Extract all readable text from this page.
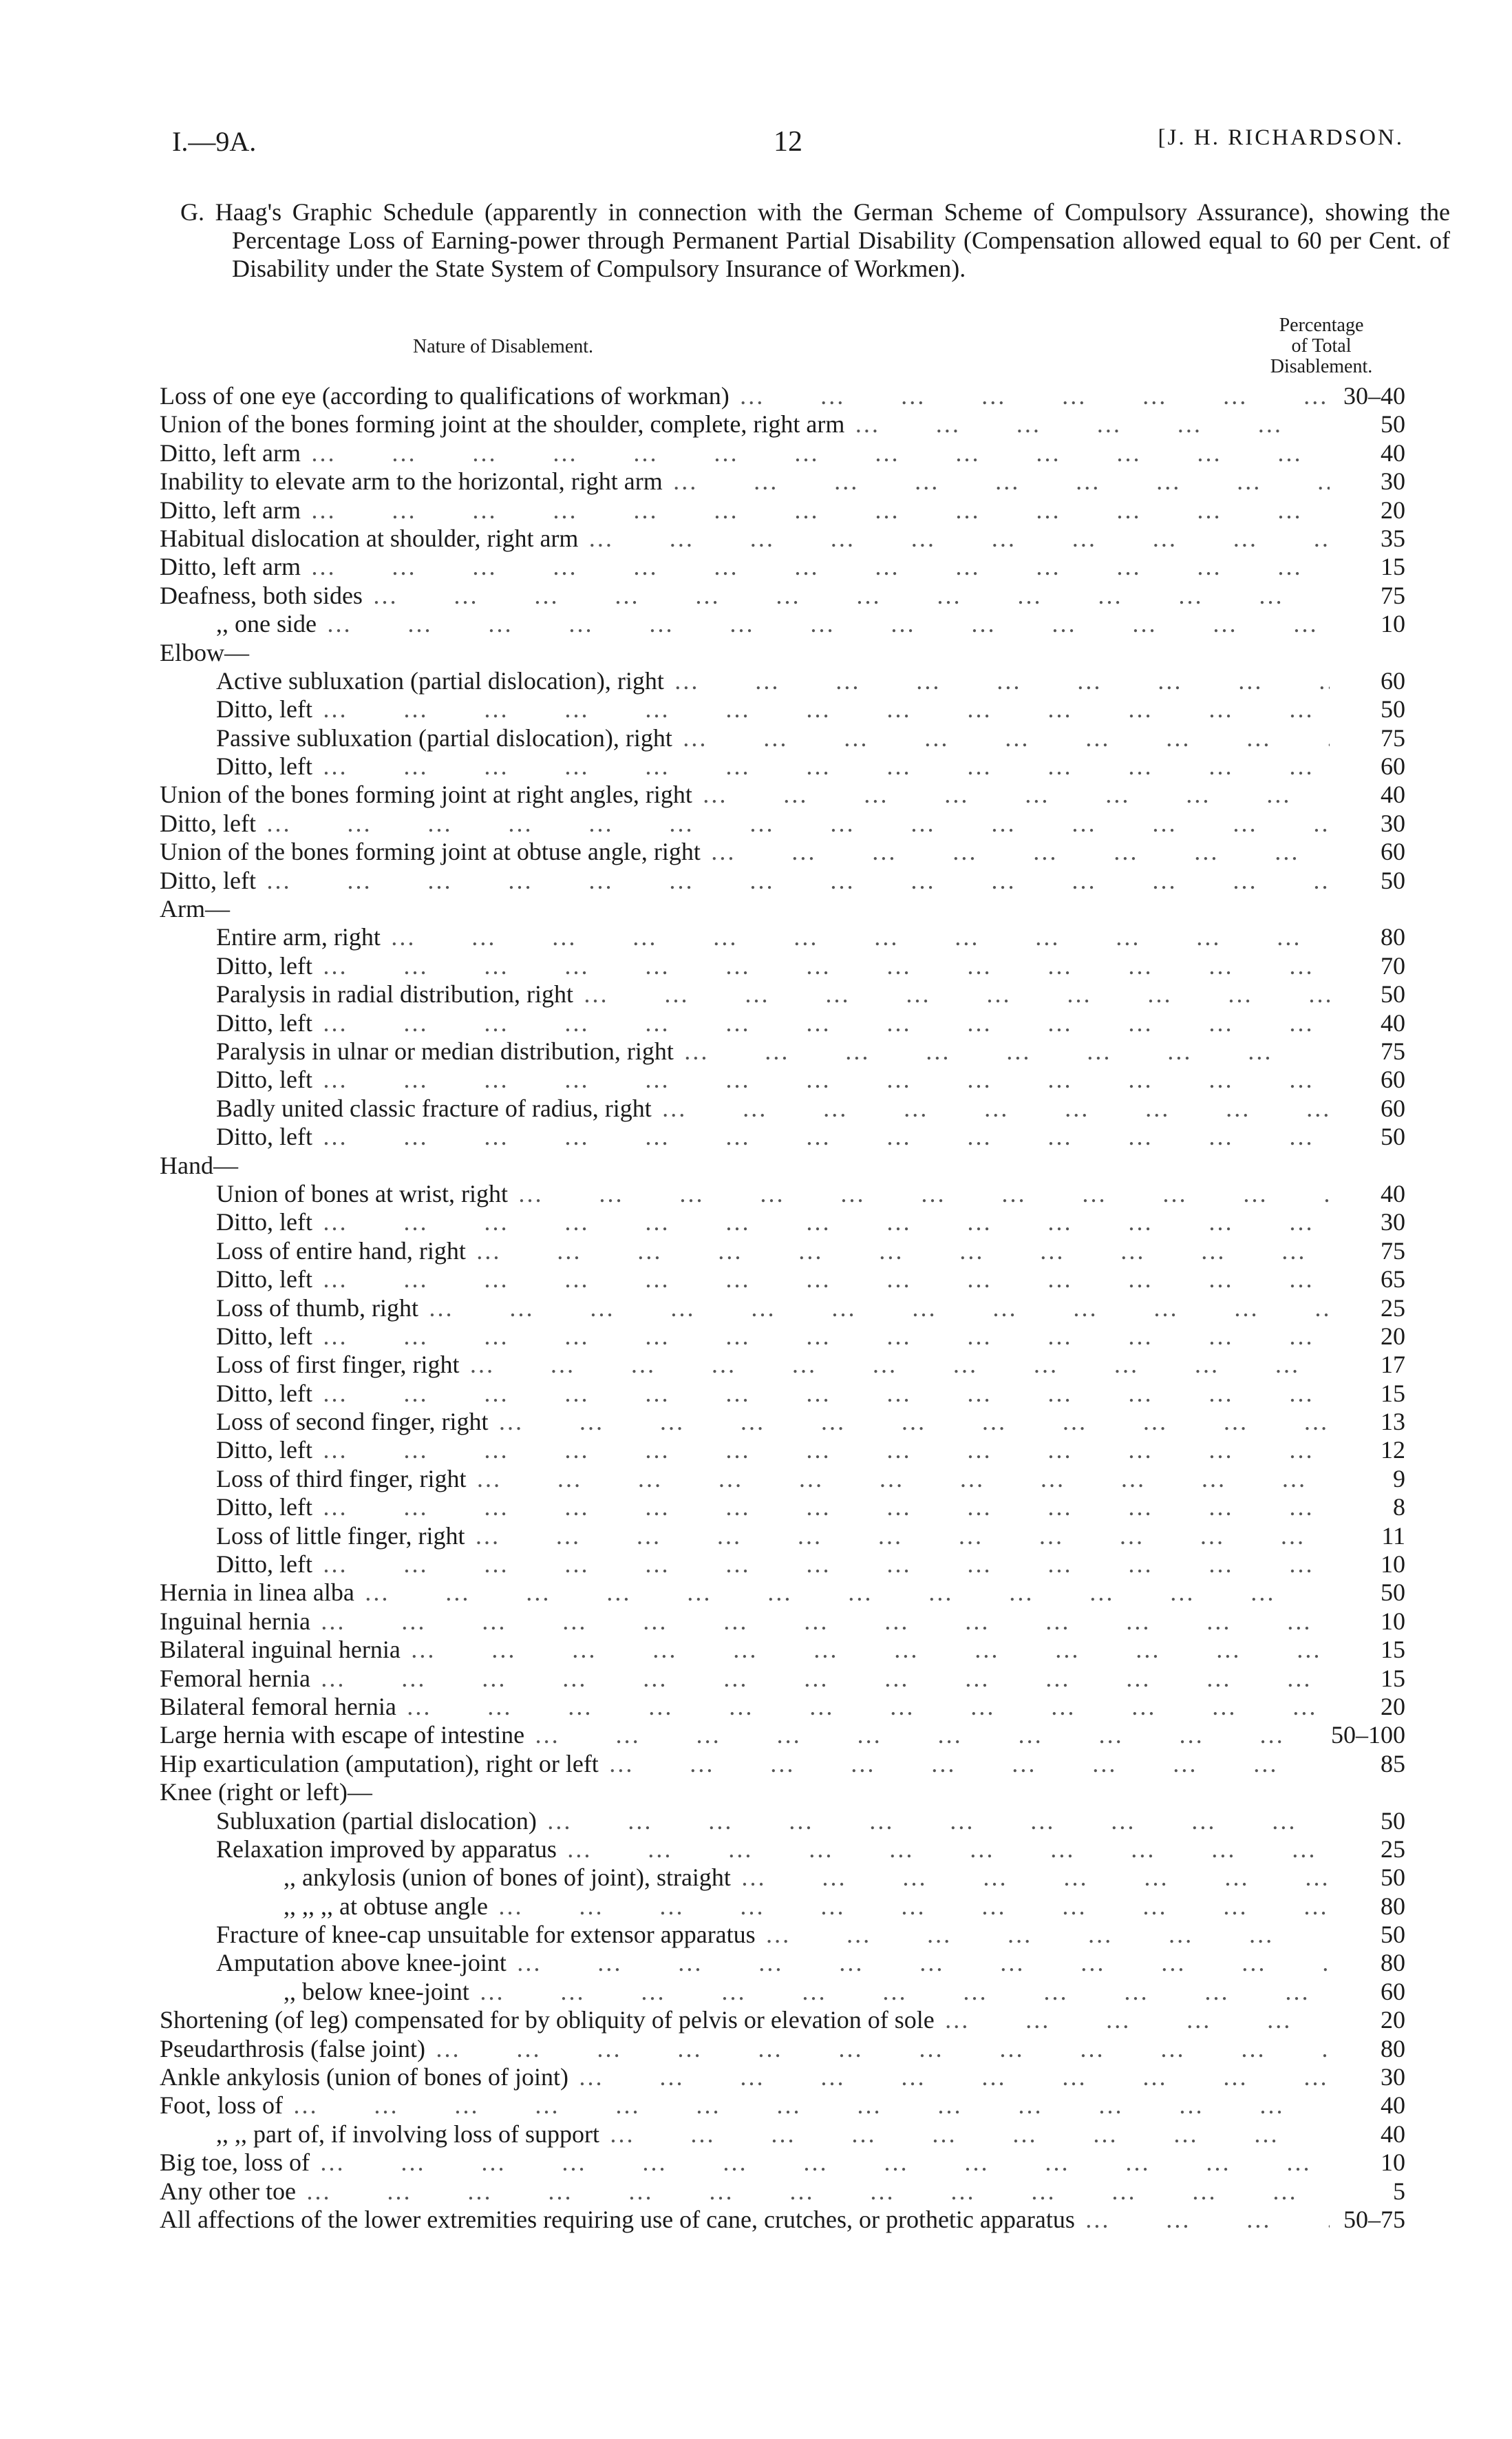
I.—9A.	12	[J. H. RICHARDSON.
G. Haag's Graphic Schedule (apparently in connection with the German Scheme of Compulsory Assurance), showing the Percentage Loss of Earning-power through Permanent Partial Disability (Compensation allowed equal to 60 per Cent. of Disability under the State System of Compulsory Insurance of Workmen).
Nature of Disablement.
Percentage
of Total
Disablement.
Loss of one eye (according to qualifications of workman) … … … … … … … … … … … … … … … … … … … … … … … … … … … … … … … … … … … … … … …	30–40
Union of the bones forming joint at the shoulder, complete, right arm … … … … … … … … … … … … … … … … … … … … … … … … … … … … … … … … … … … … … … …	50
Ditto, left arm … … … … … … … … … … … … … … … … … … … … … … … … … … … … … … … … … … … … … … …	40
Inability to elevate arm to the horizontal, right arm … … … … … … … … … … … … … … … … … … … … … … … … … … … … … … … … … … … … … … …	30
Ditto, left arm … … … … … … … … … … … … … … … … … … … … … … … … … … … … … … … … … … … … … … …	20
Habitual dislocation at shoulder, right arm … … … … … … … … … … … … … … … … … … … … … … … … … … … … … … … … … … … … … … …	35
Ditto, left arm … … … … … … … … … … … … … … … … … … … … … … … … … … … … … … … … … … … … … … …	15
Deafness, both sides … … … … … … … … … … … … … … … … … … … … … … … … … … … … … … … … … … … … … … …	75
,, one side … … … … … … … … … … … … … … … … … … … … … … … … … … … … … … … … … … … … … … …	10
Elbow—
Active subluxation (partial dislocation), right … … … … … … … … … … … … … … … … … … … … … … … … … … … … … … … … … … … … … … …	60
Ditto, left … … … … … … … … … … … … … … … … … … … … … … … … … … … … … … … … … … … … … … …	50
Passive subluxation (partial dislocation), right … … … … … … … … … … … … … … … … … … … … … … … … … … … … … … … … … … … … … … …	75
Ditto, left … … … … … … … … … … … … … … … … … … … … … … … … … … … … … … … … … … … … … … …	60
Union of the bones forming joint at right angles, right … … … … … … … … … … … … … … … … … … … … … … … … … … … … … … … … … … … … … … …	40
Ditto, left … … … … … … … … … … … … … … … … … … … … … … … … … … … … … … … … … … … … … … …	30
Union of the bones forming joint at obtuse angle, right … … … … … … … … … … … … … … … … … … … … … … … … … … … … … … … … … … … … … … …	60
Ditto, left … … … … … … … … … … … … … … … … … … … … … … … … … … … … … … … … … … … … … … …	50
Arm—
Entire arm, right … … … … … … … … … … … … … … … … … … … … … … … … … … … … … … … … … … … … … … …	80
Ditto, left … … … … … … … … … … … … … … … … … … … … … … … … … … … … … … … … … … … … … … …	70
Paralysis in radial distribution, right … … … … … … … … … … … … … … … … … … … … … … … … … … … … … … … … … … … … … … …	50
Ditto, left … … … … … … … … … … … … … … … … … … … … … … … … … … … … … … … … … … … … … … …	40
Paralysis in ulnar or median distribution, right … … … … … … … … … … … … … … … … … … … … … … … … … … … … … … … … … … … … … … …	75
Ditto, left … … … … … … … … … … … … … … … … … … … … … … … … … … … … … … … … … … … … … … …	60
Badly united classic fracture of radius, right … … … … … … … … … … … … … … … … … … … … … … … … … … … … … … … … … … … … … … …	60
Ditto, left … … … … … … … … … … … … … … … … … … … … … … … … … … … … … … … … … … … … … … …	50
Hand—
Union of bones at wrist, right … … … … … … … … … … … … … … … … … … … … … … … … … … … … … … … … … … … … … … …	40
Ditto, left … … … … … … … … … … … … … … … … … … … … … … … … … … … … … … … … … … … … … … …	30
Loss of entire hand, right … … … … … … … … … … … … … … … … … … … … … … … … … … … … … … … … … … … … … … …	75
Ditto, left … … … … … … … … … … … … … … … … … … … … … … … … … … … … … … … … … … … … … … …	65
Loss of thumb, right … … … … … … … … … … … … … … … … … … … … … … … … … … … … … … … … … … … … … … …	25
Ditto, left … … … … … … … … … … … … … … … … … … … … … … … … … … … … … … … … … … … … … … …	20
Loss of first finger, right … … … … … … … … … … … … … … … … … … … … … … … … … … … … … … … … … … … … … … …	17
Ditto, left … … … … … … … … … … … … … … … … … … … … … … … … … … … … … … … … … … … … … … …	15
Loss of second finger, right … … … … … … … … … … … … … … … … … … … … … … … … … … … … … … … … … … … … … … …	13
Ditto, left … … … … … … … … … … … … … … … … … … … … … … … … … … … … … … … … … … … … … … …	12
Loss of third finger, right … … … … … … … … … … … … … … … … … … … … … … … … … … … … … … … … … … … … … … …	9
Ditto, left … … … … … … … … … … … … … … … … … … … … … … … … … … … … … … … … … … … … … … …	8
Loss of little finger, right … … … … … … … … … … … … … … … … … … … … … … … … … … … … … … … … … … … … … … …	11
Ditto, left … … … … … … … … … … … … … … … … … … … … … … … … … … … … … … … … … … … … … … …	10
Hernia in linea alba … … … … … … … … … … … … … … … … … … … … … … … … … … … … … … … … … … … … … … …	50
Inguinal hernia … … … … … … … … … … … … … … … … … … … … … … … … … … … … … … … … … … … … … … …	10
Bilateral inguinal hernia … … … … … … … … … … … … … … … … … … … … … … … … … … … … … … … … … … … … … … …	15
Femoral hernia … … … … … … … … … … … … … … … … … … … … … … … … … … … … … … … … … … … … … … …	15
Bilateral femoral hernia … … … … … … … … … … … … … … … … … … … … … … … … … … … … … … … … … … … … … … …	20
Large hernia with escape of intestine … … … … … … … … … … … … … … … … … … … … … … … … … … … … … … … … … … … … … … …	50–100
Hip exarticulation (amputation), right or left … … … … … … … … … … … … … … … … … … … … … … … … … … … … … … … … … … … … … … …	85
Knee (right or left)—
Subluxation (partial dislocation) … … … … … … … … … … … … … … … … … … … … … … … … … … … … … … … … … … … … … … …	50
Relaxation improved by apparatus … … … … … … … … … … … … … … … … … … … … … … … … … … … … … … … … … … … … … … …	25
,, ankylosis (union of bones of joint), straight … … … … … … … … … … … … … … … … … … … … … … … … … … … … … … … … … … … … … … …	50
,, ,, ,, at obtuse angle … … … … … … … … … … … … … … … … … … … … … … … … … … … … … … … … … … … … … … …	80
Fracture of knee-cap unsuitable for extensor apparatus … … … … … … … … … … … … … … … … … … … … … … … … … … … … … … … … … … … … … … …	50
Amputation above knee-joint … … … … … … … … … … … … … … … … … … … … … … … … … … … … … … … … … … … … … … …	80
,, below knee-joint … … … … … … … … … … … … … … … … … … … … … … … … … … … … … … … … … … … … … … …	60
Shortening (of leg) compensated for by obliquity of pelvis or elevation of sole … … … … … … … … … … … … … … … … … … … … … … … … … … … … … … … … … … … … … … …	20
Pseudarthrosis (false joint) … … … … … … … … … … … … … … … … … … … … … … … … … … … … … … … … … … … … … … …	80
Ankle ankylosis (union of bones of joint) … … … … … … … … … … … … … … … … … … … … … … … … … … … … … … … … … … … … … … …	30
Foot, loss of … … … … … … … … … … … … … … … … … … … … … … … … … … … … … … … … … … … … … … …	40
,, ,, part of, if involving loss of support … … … … … … … … … … … … … … … … … … … … … … … … … … … … … … … … … … … … … … …	40
Big toe, loss of … … … … … … … … … … … … … … … … … … … … … … … … … … … … … … … … … … … … … … …	10
Any other toe … … … … … … … … … … … … … … … … … … … … … … … … … … … … … … … … … … … … … … …	5
All affections of the lower extremities requiring use of cane, crutches, or prothetic apparatus … … … … … … … … … … … … … … … … … … … … … … … … … … … … … … … … … … … … … … …	50–75
